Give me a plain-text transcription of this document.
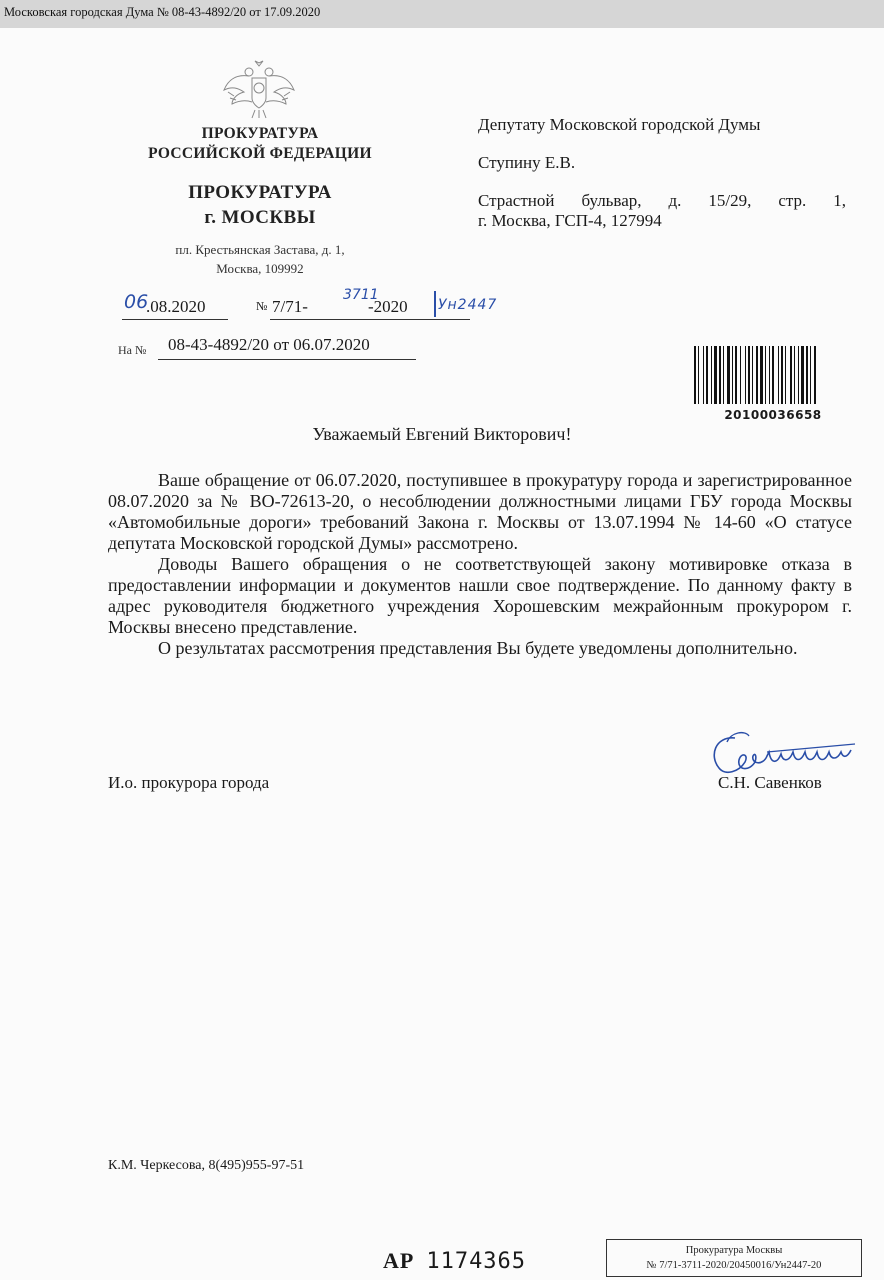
Московская городская Дума № 08-43-4892/20 от 17.09.2020
ПРОКУРАТУРА
РОССИЙСКОЙ ФЕДЕРАЦИИ
ПРОКУРАТУРА
г. МОСКВЫ
пл. Крестьянская Застава, д. 1,
Москва, 109992
06
.08.2020	№ 7/71-
3711
-2020 Ун2447
На № 08-43-4892/20 от 06.07.2020

Депутату Московской городской Думы

Ступину Е.В.

Страстной бульвар, д. 15/29, стр. 1,

г. Москва, ГСП-4, 127994

20100036658
Уважаемый Евгений Викторович!

Ваше обращение от 06.07.2020, поступившее в прокуратуру города и зарегистрированное 08.07.2020 за № ВО-72613-20, о несоблюдении должностными лицами ГБУ города Москвы «Автомобильные дороги» требований Закона г. Москвы от 13.07.1994 № 14-60 «О статусе депутата Московской городской Думы» рассмотрено.

Доводы Вашего обращения о не соответствующей закону мотивировке отказа в предоставлении информации и документов нашли свое подтверждение. По данному факту в адрес руководителя бюджетного учреждения Хорошевским межрайонным прокурором г. Москвы внесено представление.

О результатах рассмотрения представления Вы будете уведомлены дополнительно.

И.о. прокурора города	С.Н. Савенков
К.М. Черкесова, 8(495)955-97-51
АР 1174365	Прокуратура Москвы
№ 7/71-3711-2020/20450016/Ун2447-20
